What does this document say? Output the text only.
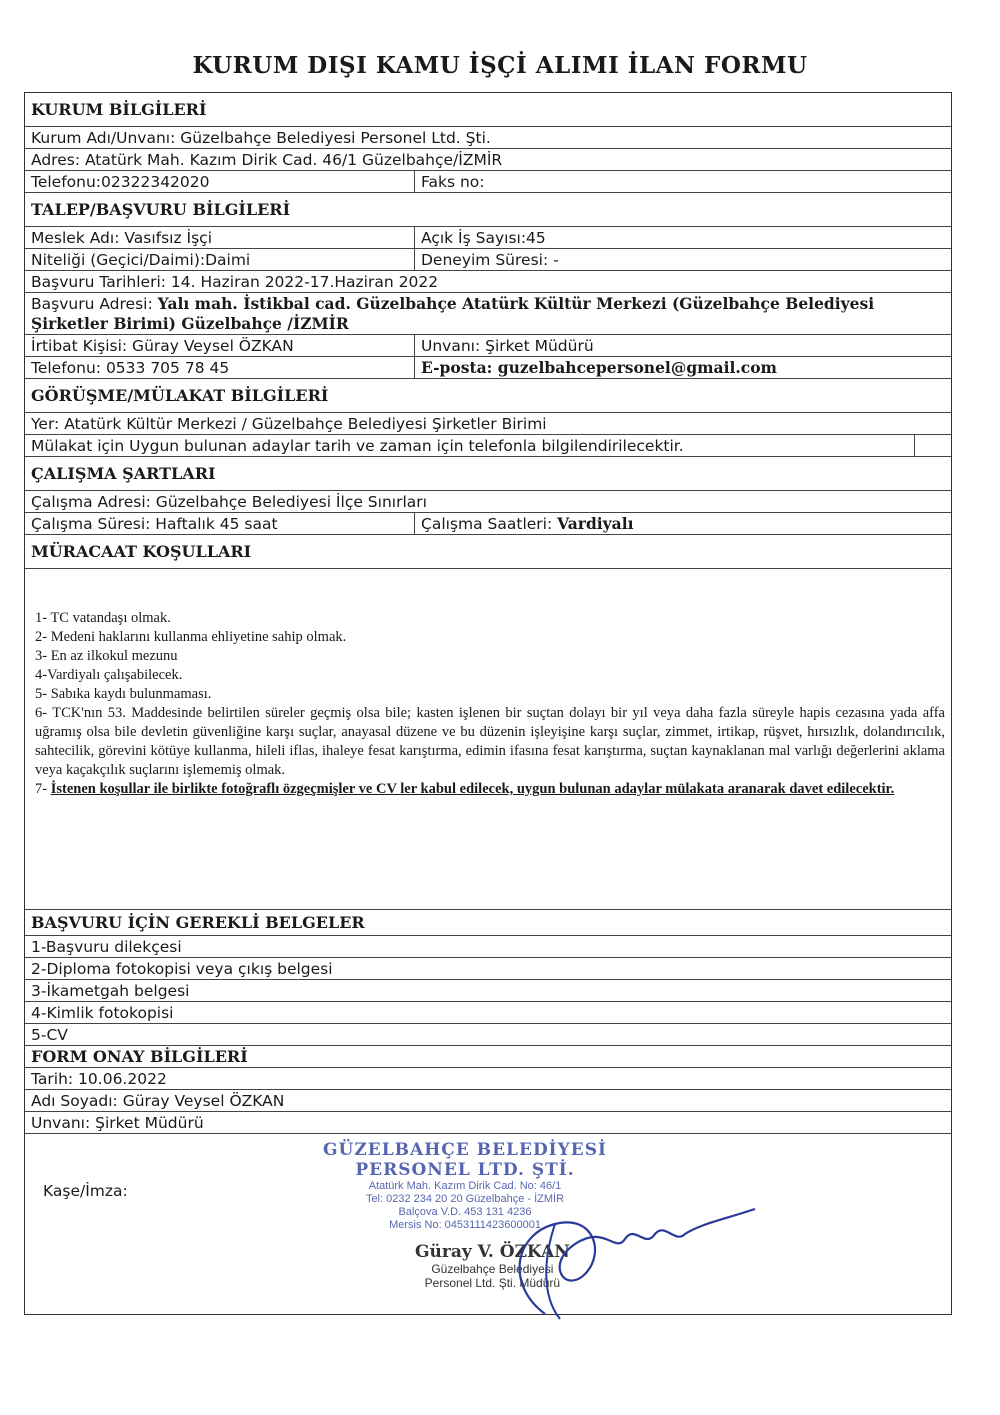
KURUM DIŞI KAMU İŞÇİ ALIMI İLAN FORMU
KURUM BİLGİLERİ
Kurum Adı/Unvanı: Güzelbahçe Belediyesi Personel Ltd. Şti.
Adres: Atatürk Mah. Kazım Dirik Cad. 46/1 Güzelbahçe/İZMİR
Telefonu:02322342020	Faks no:
TALEP/BAŞVURU BİLGİLERİ
Meslek Adı: Vasıfsız İşçi	Açık İş Sayısı:45
Niteliği (Geçici/Daimi):Daimi	Deneyim Süresi: -
Başvuru Tarihleri: 14. Haziran 2022-17.Haziran 2022
Başvuru Adresi: Yalı mah. İstikbal cad. Güzelbahçe Atatürk Kültür Merkezi (Güzelbahçe Belediyesi
Şirketler Birimi) Güzelbahçe /İZMİR
İrtibat Kişisi: Güray Veysel ÖZKAN	Unvanı: Şirket Müdürü
Telefonu: 0533 705 78 45	E-posta: guzelbahcepersonel@gmail.com
GÖRÜŞME/MÜLAKAT BİLGİLERİ
Yer: Atatürk Kültür Merkezi / Güzelbahçe Belediyesi Şirketler Birimi
Mülakat için Uygun bulunan adaylar tarih ve zaman için telefonla bilgilendirilecektir.
ÇALIŞMA ŞARTLARI
Çalışma Adresi: Güzelbahçe Belediyesi İlçe Sınırları
Çalışma Süresi: Haftalık 45 saat	Çalışma Saatleri:
Vardiyalı
MÜRACAAT KOŞULLARI
1- TC vatandaşı olmak.
2- Medeni haklarını kullanma ehliyetine sahip olmak.
3- En az ilkokul mezunu
4-Vardiyalı çalışabilecek.
5- Sabıka kaydı bulunmaması.
6- TCK'nın 53. Maddesinde belirtilen süreler geçmiş olsa bile; kasten işlenen bir suçtan dolayı bir yıl veya daha fazla süreyle hapis cezasına yada affa uğramış olsa bile devletin güvenliğine karşı suçlar, anayasal düzene ve bu düzenin işleyişine karşı suçlar, zimmet, irtikap, rüşvet, hırsızlık, dolandırıcılık, sahtecilik, görevini kötüye kullanma, hileli iflas, ihaleye fesat karıştırma, edimin ifasına fesat karıştırma, suçtan kaynaklanan mal varlığı değerlerini aklama veya kaçakçılık suçlarını işlememiş olmak.
7- İstenen koşullar ile birlikte fotoğraflı özgeçmişler ve CV ler kabul edilecek, uygun bulunan adaylar mülakata aranarak davet edilecektir.
BAŞVURU İÇİN GEREKLİ BELGELER
1-Başvuru dilekçesi
2-Diploma fotokopisi veya çıkış belgesi
3-İkametgah belgesi
4-Kimlik fotokopisi
5-CV
FORM ONAY BİLGİLERİ
Tarih: 10.06.2022
Adı Soyadı: Güray Veysel ÖZKAN
Unvanı: Şirket Müdürü
Kaşe/İmza:
GÜZELBAHÇE BELEDİYESİ
PERSONEL LTD. ŞTİ.
Atatürk Mah. Kazım Dirik Cad. No: 46/1
Tel: 0232 234 20 20 Güzelbahçe - İZMİR
Balçova V.D. 453 131 4236
Mersis No: 0453111423600001
Güray V. ÖZKAN
Güzelbahçe Belediyesi
Personel Ltd. Şti. Müdürü
